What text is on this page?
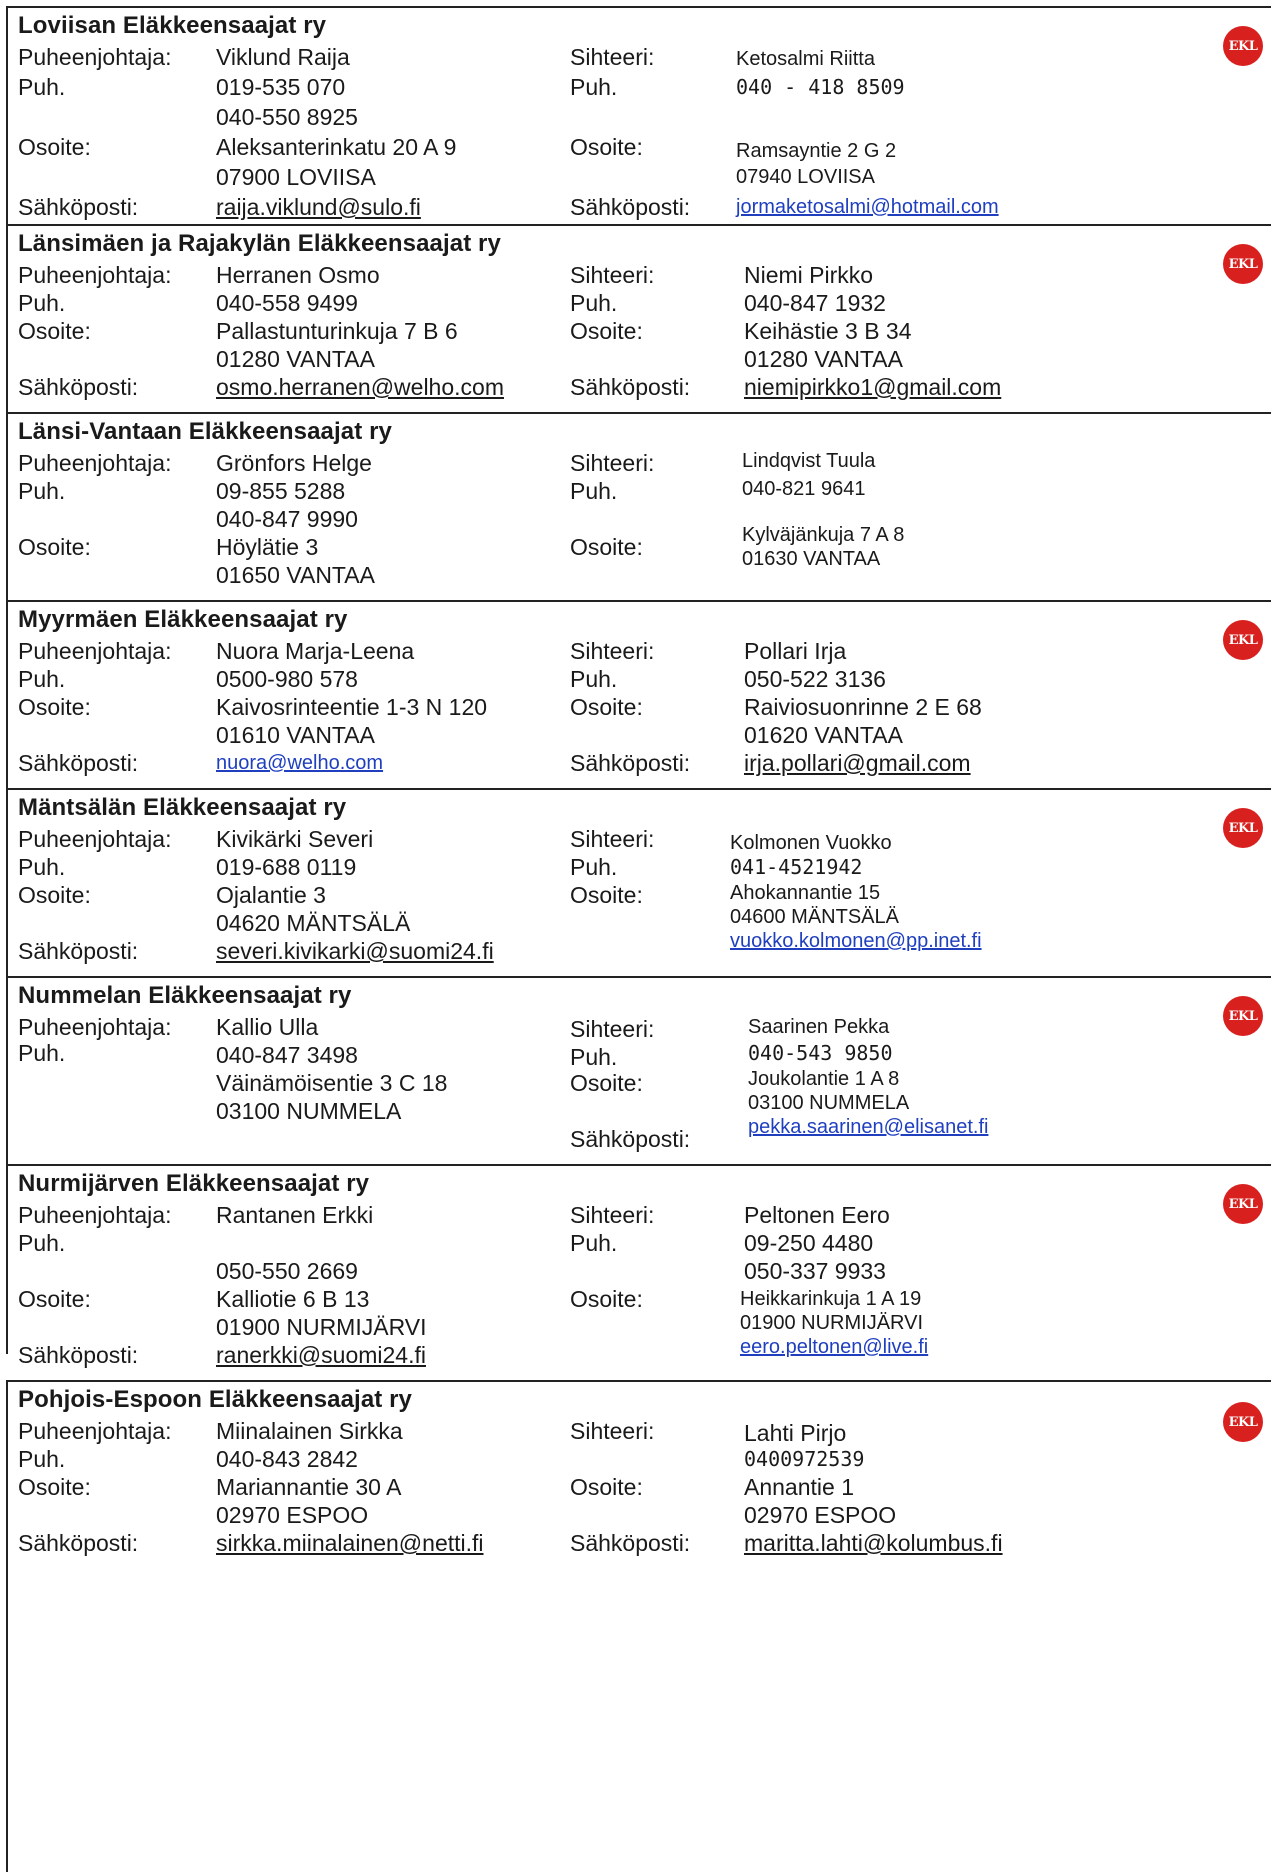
Loviisan Eläkkeensaajat ry
EKL
Puheenjohtaja: Viklund Raija
Puh.	019-535 070
040-550 8925
Osoite:	Aleksanterinkatu 20 A 9
07900 LOVIISA
Sähköposti:	raija.viklund@sulo.fi
Sihteeri:	Ketosalmi Riitta
Puh.	040 - 418 8509
Osoite:	Ramsayntie 2 G 2
07940 LOVIISA
Sähköposti: jormaketosalmi@hotmail.com
Länsimäen ja Rajakylän Eläkkeensaajat ry
EKL
Puheenjohtaja: Herranen Osmo
Puh.	040-558 9499
Osoite:	Pallastunturinkuja 7 B 6
01280 VANTAA
Sähköposti:	osmo.herranen@welho.com
Sihteeri:	Niemi Pirkko
Puh.	040-847 1932
Osoite:	Keihästie 3 B 34
01280 VANTAA
Sähköposti: niemipirkko1@gmail.com
Länsi-Vantaan Eläkkeensaajat ry
Puheenjohtaja: Grönfors Helge
Puh.	09-855 5288
040-847 9990
Osoite:	Höylätie 3
01650 VANTAA
Sihteeri:	Lindqvist Tuula
Puh.	040-821 9641
Osoite:	Kylväjänkuja 7 A 8
01630 VANTAA
Myyrmäen Eläkkeensaajat ry
EKL
Puheenjohtaja: Nuora Marja-Leena
Puh.	0500-980 578
Osoite:	Kaivosrinteentie 1-3 N 120
01610 VANTAA
Sähköposti:	nuora@welho.com
Sihteeri:	Pollari Irja
Puh.	050-522 3136
Osoite:	Raiviosuonrinne 2 E 68
01620 VANTAA
Sähköposti: irja.pollari@gmail.com
Mäntsälän Eläkkeensaajat ry
EKL
Puheenjohtaja: Kivikärki Severi
Puh.	019-688 0119
Osoite:	Ojalantie 3
04620 MÄNTSÄLÄ
Sähköposti:	severi.kivikarki@suomi24.fi
Sihteeri:	Kolmonen Vuokko
Puh.	041-4521942
Osoite:	Ahokannantie 15
04600 MÄNTSÄLÄ
vuokko.kolmonen@pp.inet.fi
Nummelan Eläkkeensaajat ry
EKL
Puheenjohtaja: Kallio Ulla
Puh.	040-847 3498
Väinämöisentie 3 C 18
03100 NUMMELA
Sihteeri:	Saarinen Pekka
Puh.	040-543 9850
Osoite:	Joukolantie 1 A 8
03100 NUMMELA
Sähköposti:	pekka.saarinen@elisanet.fi
Nurmijärven Eläkkeensaajat ry
EKL
Puheenjohtaja: Rantanen Erkki
Puh.
050-550 2669
Osoite:	Kalliotie 6 B 13
01900 NURMIJÄRVI
Sähköposti:	ranerkki@suomi24.fi
Sihteeri:	Peltonen Eero
Puh.	09-250 4480
050-337 9933
Osoite:	Heikkarinkuja 1 A 19
01900 NURMIJÄRVI
eero.peltonen@live.fi
Pohjois-Espoon Eläkkeensaajat ry
EKL
Puheenjohtaja: Miinalainen Sirkka
Puh.	040-843 2842
Osoite:	Mariannantie 30 A
02970 ESPOO
Sähköposti:	sirkka.miinalainen@netti.fi
Sihteeri:	Lahti Pirjo
0400972539
Osoite:	Annantie 1
02970 ESPOO
Sähköposti: maritta.lahti@kolumbus.fi
